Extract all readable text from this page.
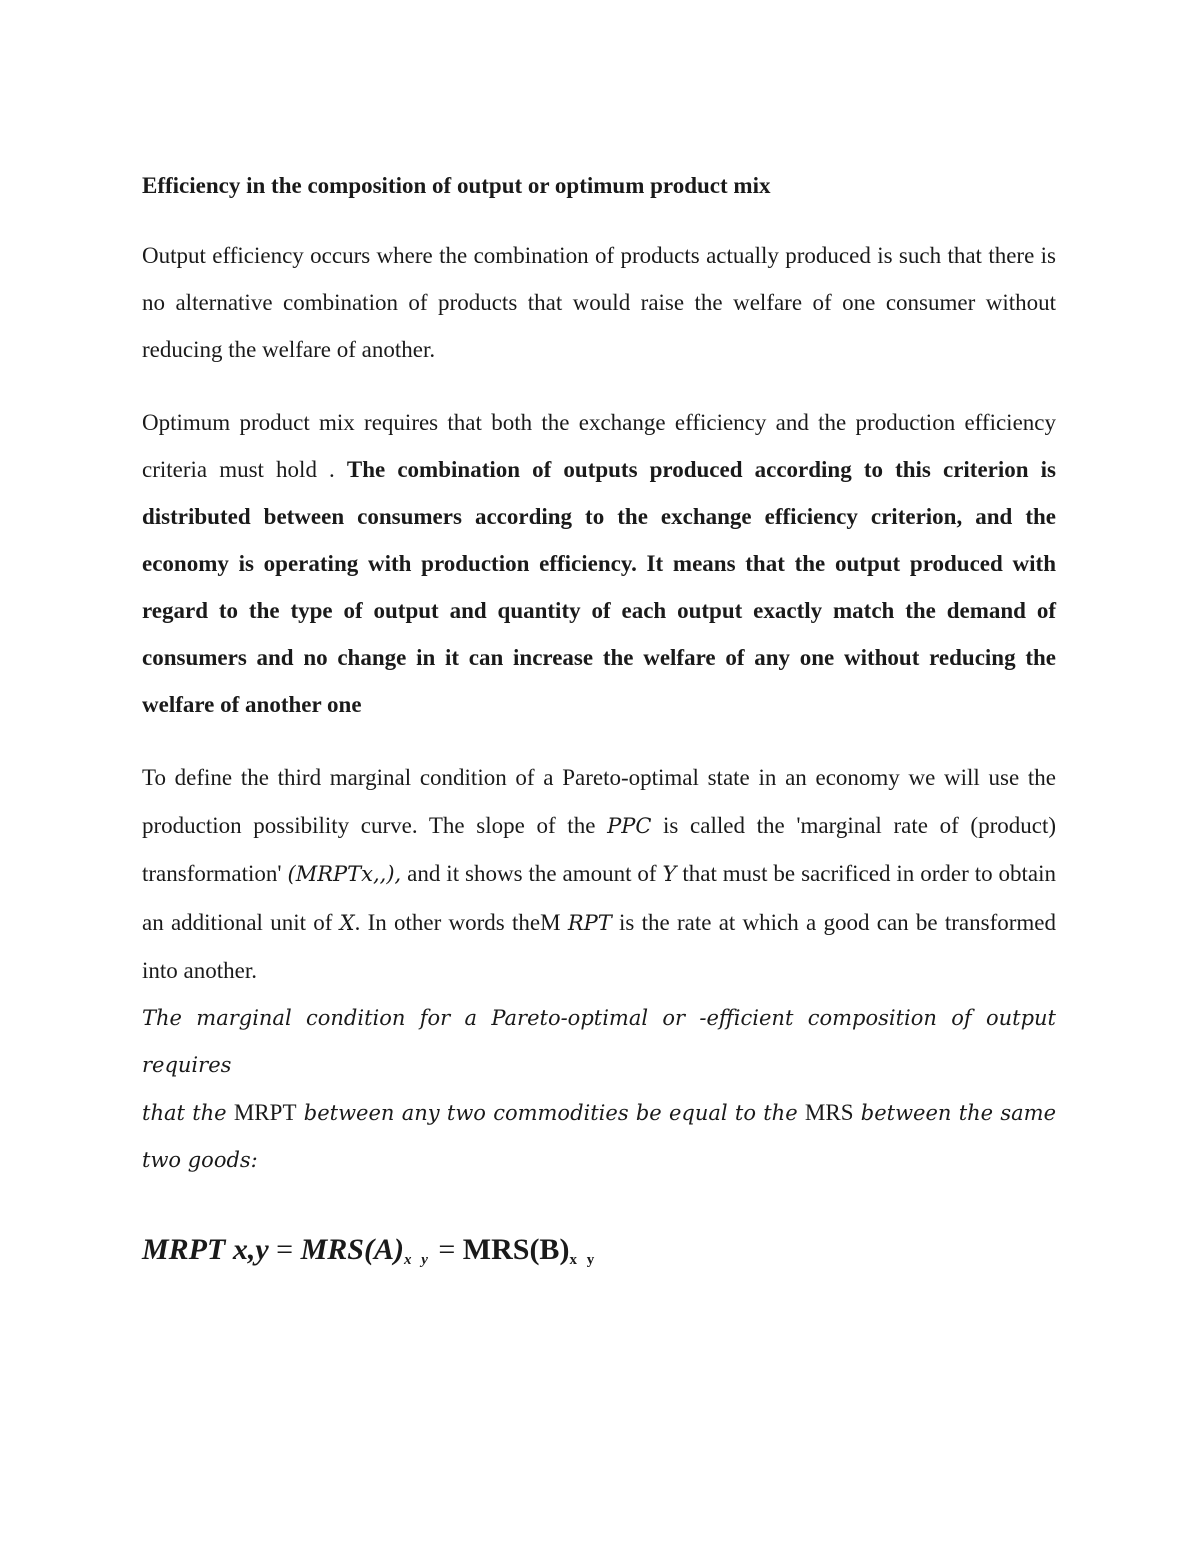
Efficiency in the composition of output or optimum product mix

Output efficiency occurs where the combination of products actually produced is such that there is no alternative combination of products that would raise the welfare of one consumer without reducing the welfare of another.

Optimum product mix requires that both the exchange efficiency and the production efficiency criteria must hold . The combination of outputs produced according to this criterion is distributed between consumers according to the exchange efficiency criterion, and the economy is operating with production efficiency. It means that the output produced with regard to the type of output and quantity of each output exactly match the demand of consumers and no change in it can increase the welfare of any one without reducing the welfare of another one

To define the third marginal condition of a Pareto-optimal state in an economy we will use the production possibility curve. The slope of the PPC is called the 'marginal rate of (product) transformation' (MRPTx,,), and it shows the amount of Y that must be sacrificed in order to obtain an additional unit of X. In other words theM RPT is the rate at which a good can be transformed into another.

The marginal condition for a Pareto-optimal or -efficient composition of output requires

that the MRPT between any two commodities be equal to the MRS between the same two goods:

MRPT $x,y = MRS(A)_{x y} = MRS(B)_{x y}$
